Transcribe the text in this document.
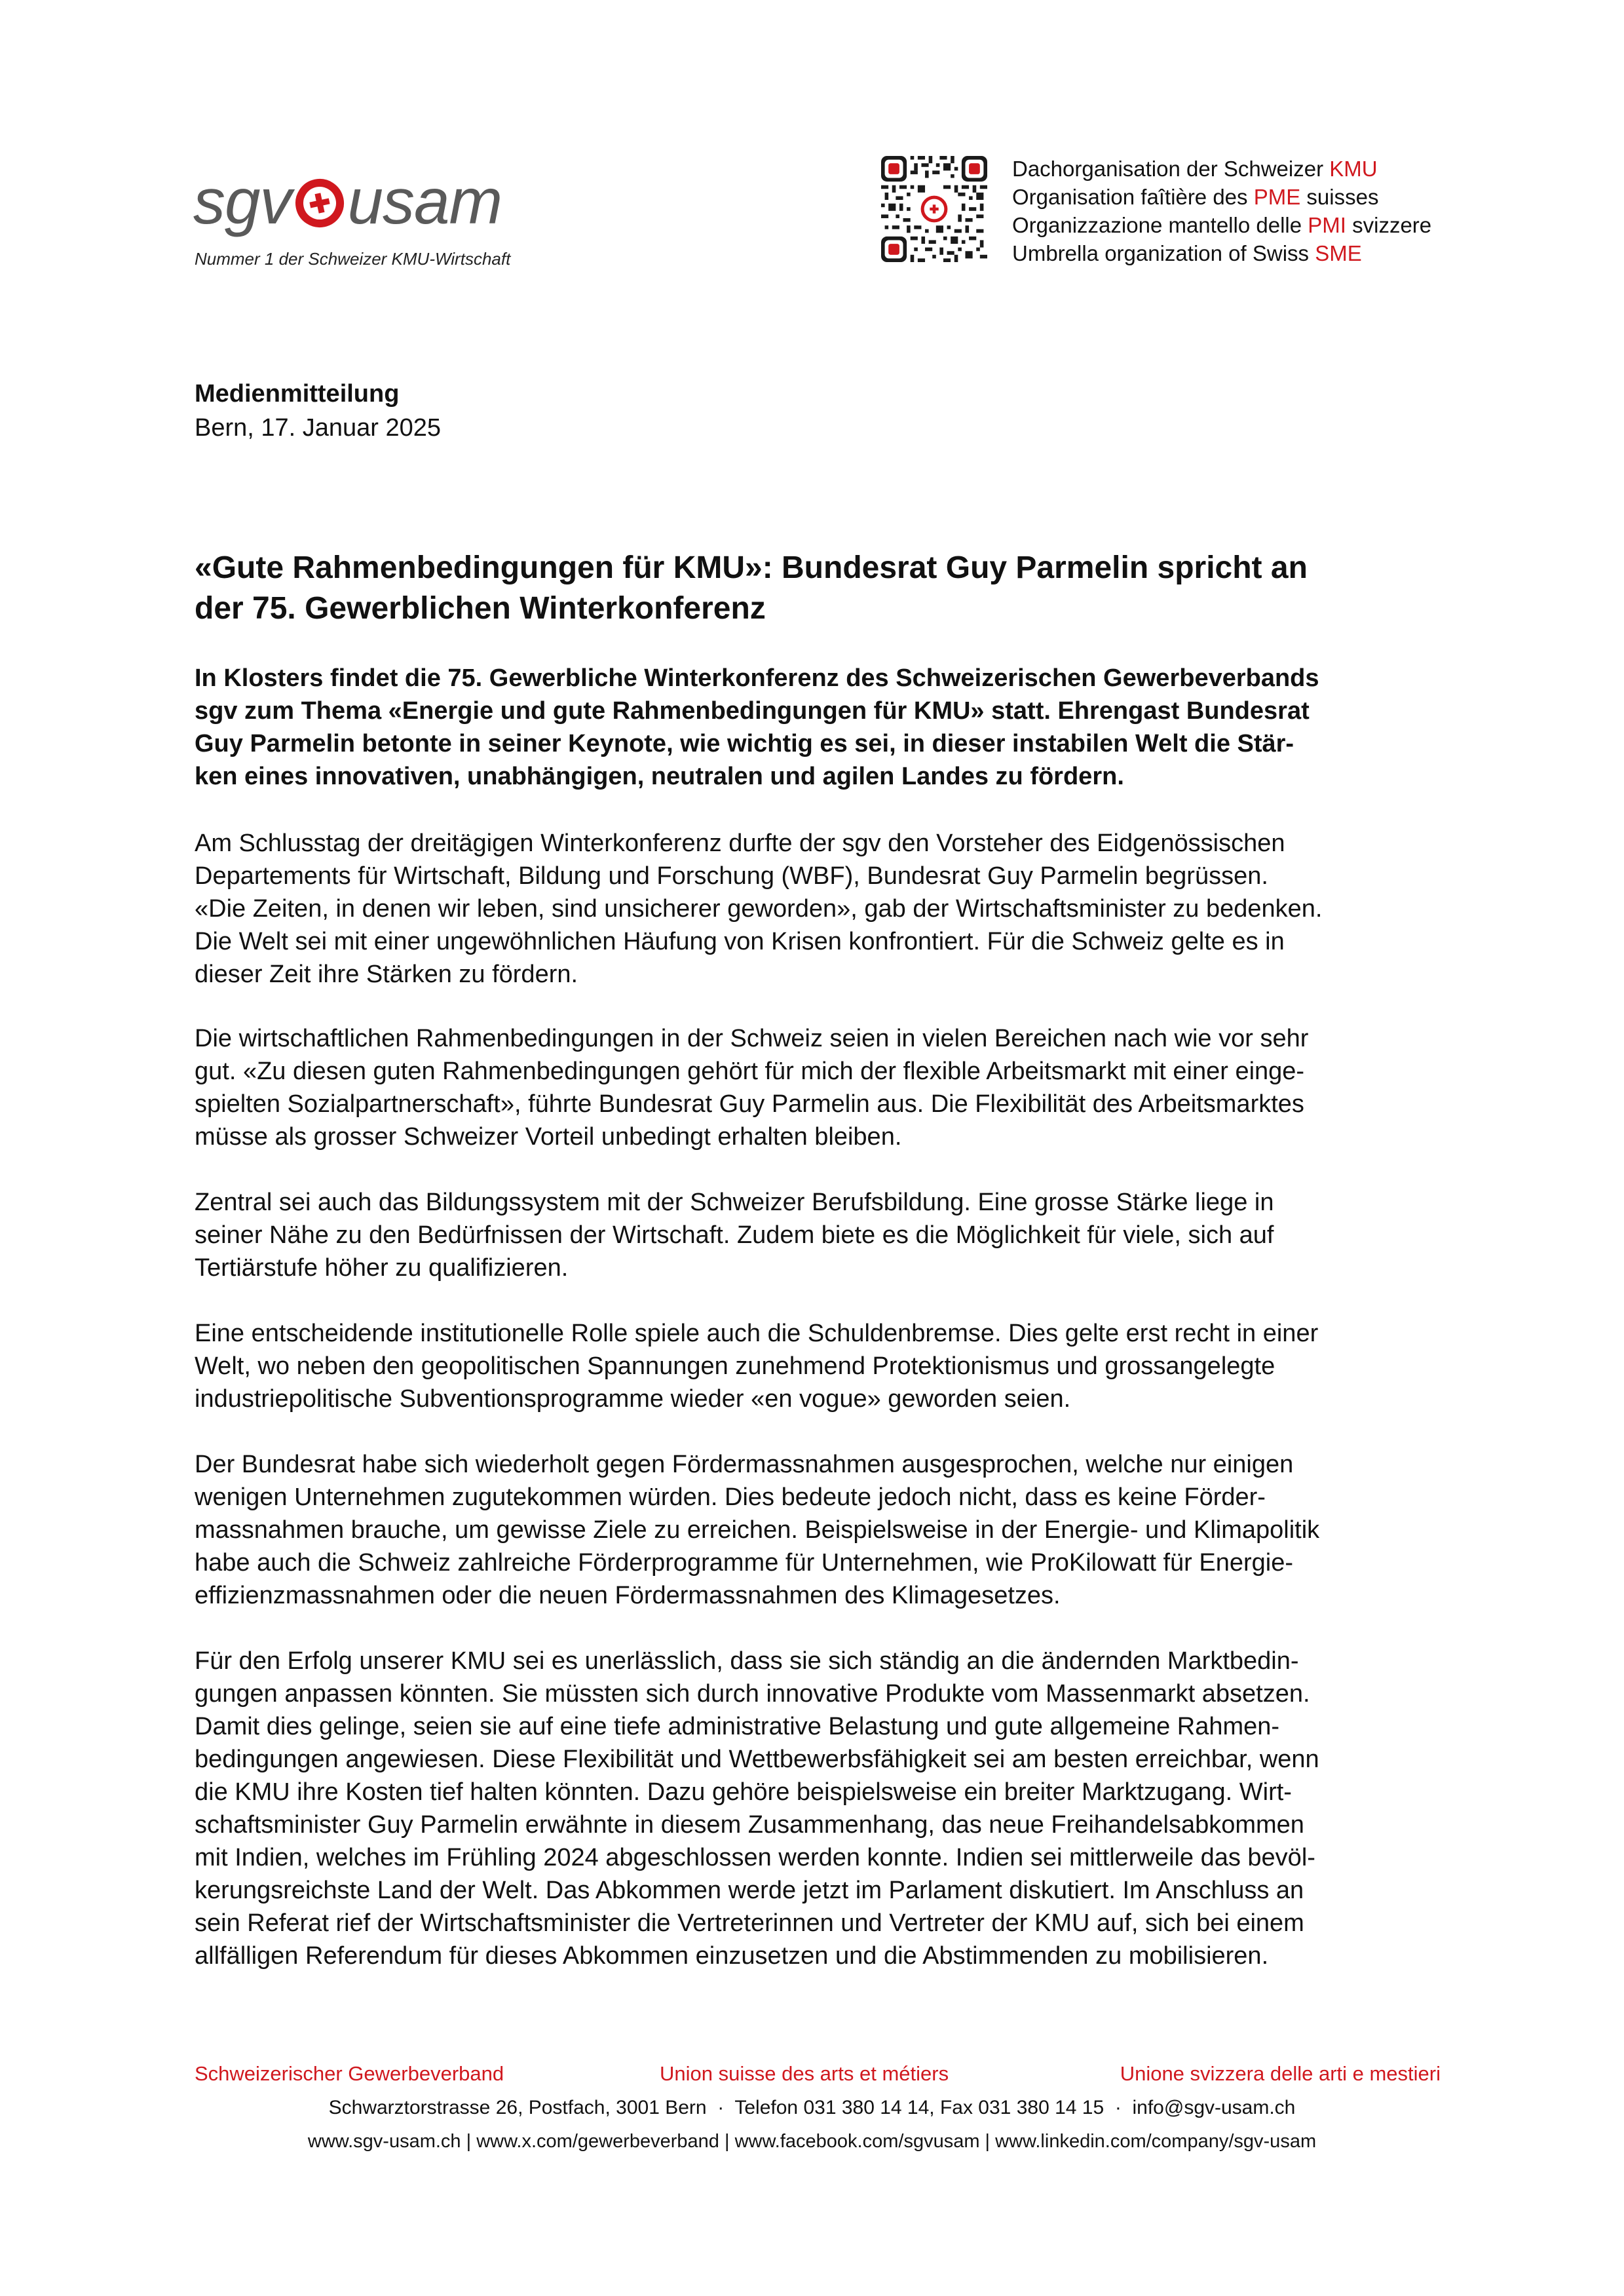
sgv usam
Nummer 1 der Schweizer KMU-Wirtschaft
Dachorganisation der Schweizer KMU
Organisation faîtière des PME suisses
Organizzazione mantello delle PMI svizzere
Umbrella organization of Swiss SME
Medienmitteilung
Bern, 17. Januar 2025
«Gute Rahmenbedingungen für KMU»: Bundesrat Guy Parmelin spricht an
der 75. Gewerblichen Winterkonferenz
In Klosters findet die 75. Gewerbliche Winterkonferenz des Schweizerischen Gewerbeverbands
sgv zum Thema «Energie und gute Rahmenbedingungen für KMU» statt. Ehrengast Bundesrat
Guy Parmelin betonte in seiner Keynote, wie wichtig es sei, in dieser instabilen Welt die Stär-
ken eines innovativen, unabhängigen, neutralen und agilen Landes zu fördern.
Am Schlusstag der dreitägigen Winterkonferenz durfte der sgv den Vorsteher des Eidgenössischen
Departements für Wirtschaft, Bildung und Forschung (WBF), Bundesrat Guy Parmelin begrüssen.
«Die Zeiten, in denen wir leben, sind unsicherer geworden», gab der Wirtschaftsminister zu bedenken.
Die Welt sei mit einer ungewöhnlichen Häufung von Krisen konfrontiert. Für die Schweiz gelte es in
dieser Zeit ihre Stärken zu fördern.
Die wirtschaftlichen Rahmenbedingungen in der Schweiz seien in vielen Bereichen nach wie vor sehr
gut. «Zu diesen guten Rahmenbedingungen gehört für mich der flexible Arbeitsmarkt mit einer einge-
spielten Sozialpartnerschaft», führte Bundesrat Guy Parmelin aus. Die Flexibilität des Arbeitsmarktes
müsse als grosser Schweizer Vorteil unbedingt erhalten bleiben.
Zentral sei auch das Bildungssystem mit der Schweizer Berufsbildung. Eine grosse Stärke liege in
seiner Nähe zu den Bedürfnissen der Wirtschaft. Zudem biete es die Möglichkeit für viele, sich auf
Tertiärstufe höher zu qualifizieren.
Eine entscheidende institutionelle Rolle spiele auch die Schuldenbremse. Dies gelte erst recht in einer
Welt, wo neben den geopolitischen Spannungen zunehmend Protektionismus und grossangelegte
industriepolitische Subventionsprogramme wieder «en vogue» geworden seien.
Der Bundesrat habe sich wiederholt gegen Fördermassnahmen ausgesprochen, welche nur einigen
wenigen Unternehmen zugutekommen würden. Dies bedeute jedoch nicht, dass es keine Förder-
massnahmen brauche, um gewisse Ziele zu erreichen. Beispielsweise in der Energie- und Klimapolitik
habe auch die Schweiz zahlreiche Förderprogramme für Unternehmen, wie ProKilowatt für Energie-
effizienzmassnahmen oder die neuen Fördermassnahmen des Klimagesetzes.
Für den Erfolg unserer KMU sei es unerlässlich, dass sie sich ständig an die ändernden Marktbedin-
gungen anpassen könnten. Sie müssten sich durch innovative Produkte vom Massenmarkt absetzen.
Damit dies gelinge, seien sie auf eine tiefe administrative Belastung und gute allgemeine Rahmen-
bedingungen angewiesen. Diese Flexibilität und Wettbewerbsfähigkeit sei am besten erreichbar, wenn
die KMU ihre Kosten tief halten könnten. Dazu gehöre beispielsweise ein breiter Marktzugang. Wirt-
schaftsminister Guy Parmelin erwähnte in diesem Zusammenhang, das neue Freihandelsabkommen
mit Indien, welches im Frühling 2024 abgeschlossen werden konnte. Indien sei mittlerweile das bevöl-
kerungsreichste Land der Welt. Das Abkommen werde jetzt im Parlament diskutiert. Im Anschluss an
sein Referat rief der Wirtschaftsminister die Vertreterinnen und Vertreter der KMU auf, sich bei einem
allfälligen Referendum für dieses Abkommen einzusetzen und die Abstimmenden zu mobilisieren.
Schweizerischer Gewerbeverband	Union suisse des arts et métiers	Unione svizzera delle arti e mestieri
Schwarztorstrasse 26, Postfach, 3001 Bern  ·  Telefon 031 380 14 14, Fax 031 380 14 15  ·  info@sgv-usam.ch
www.sgv-usam.ch | www.x.com/gewerbeverband | www.facebook.com/sgvusam | www.linkedin.com/company/sgv-usam
